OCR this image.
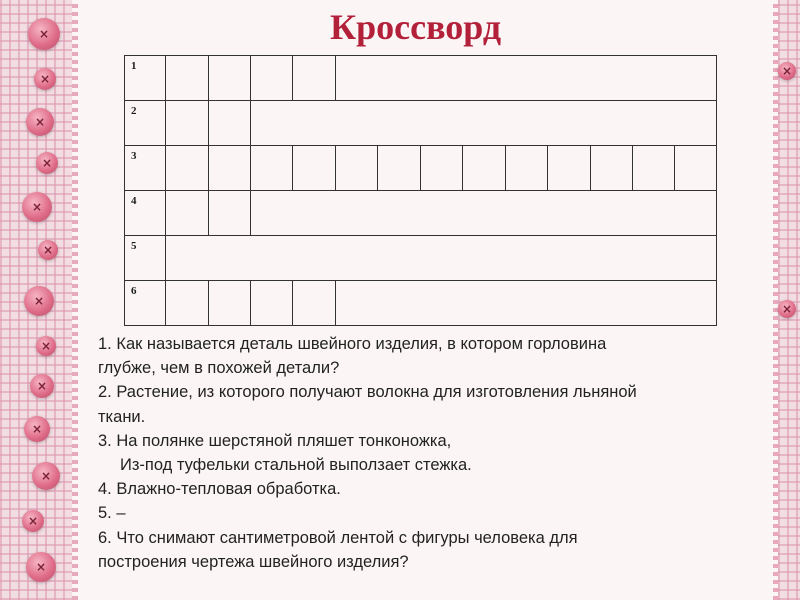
×
×
×
×
×
×
×
×
×
×
×
×
×
×
×
Кроссворд
1
2
3
4
5
6
1. Как называется деталь швейного изделия, в котором горловина
глубже, чем в похожей детали?
2. Растение, из которого получают волокна для изготовления льняной
ткани.
3. На полянке шерстяной пляшет тонконожка,
Из-под туфельки стальной выползает стежка.
4. Влажно-тепловая обработка.
5. –
6. Что снимают сантиметровой лентой с фигуры человека для
построения чертежа швейного изделия?
